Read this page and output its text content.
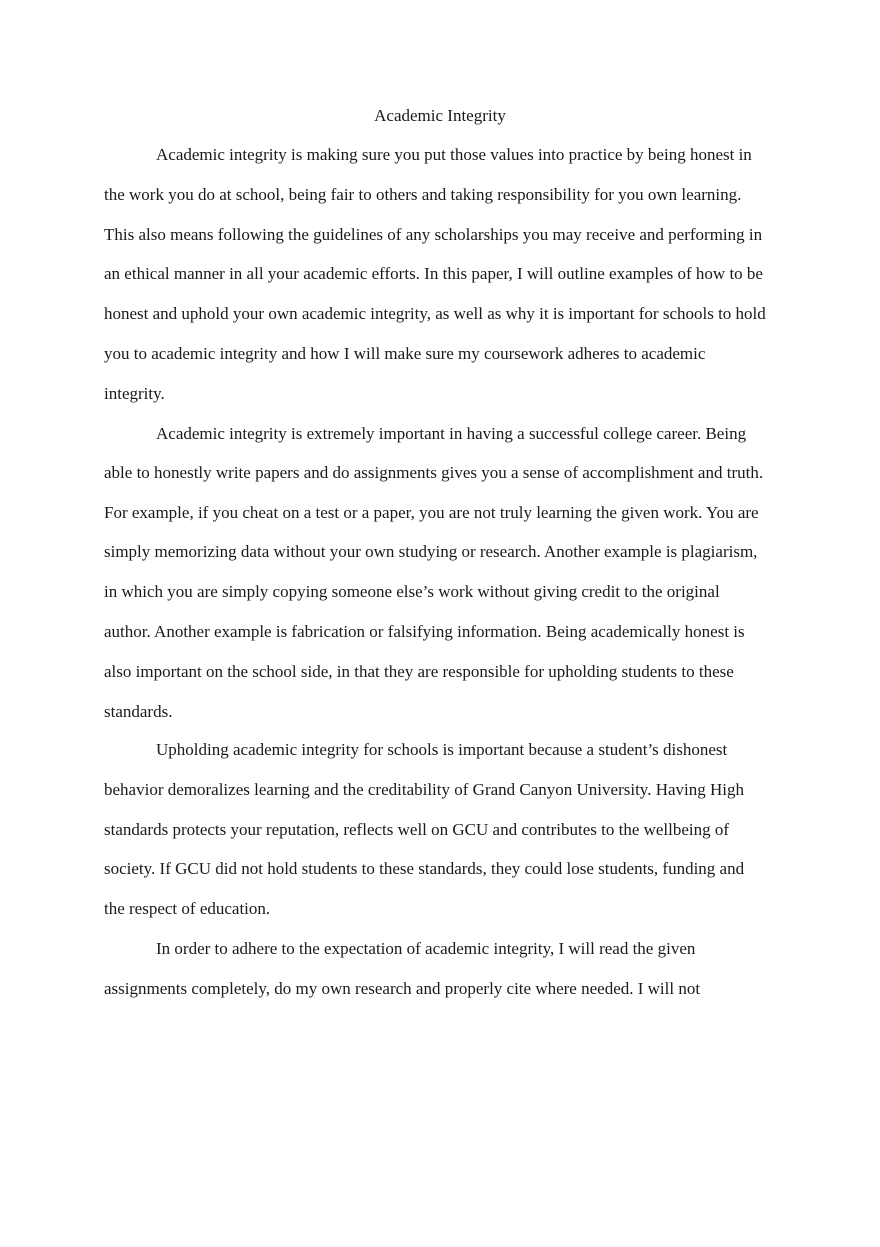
Academic Integrity
Academic integrity is making sure you put those values into practice by being honest in
the work you do at school, being fair to others and taking responsibility for you own learning.
This also means following the guidelines of any scholarships you may receive and performing in
an ethical manner in all your academic efforts. In this paper, I will outline examples of how to be
honest and uphold your own academic integrity, as well as why it is important for schools to hold
you to academic integrity and how I will make sure my coursework adheres to academic
integrity.
Academic integrity is extremely important in having a successful college career. Being
able to honestly write papers and do assignments gives you a sense of accomplishment and truth.
For example, if you cheat on a test or a paper, you are not truly learning the given work. You are
simply memorizing data without your own studying or research. Another example is plagiarism,
in which you are simply copying someone else’s work without giving credit to the original
author. Another example is fabrication or falsifying information. Being academically honest is
also important on the school side, in that they are responsible for upholding students to these
standards.
Upholding academic integrity for schools is important because a student’s dishonest
behavior demoralizes learning and the creditability of Grand Canyon University. Having High
standards protects your reputation, reflects well on GCU and contributes to the wellbeing of
society. If GCU did not hold students to these standards, they could lose students, funding and
the respect of education.
In order to adhere to the expectation of academic integrity, I will read the given
assignments completely, do my own research and properly cite where needed. I will not
